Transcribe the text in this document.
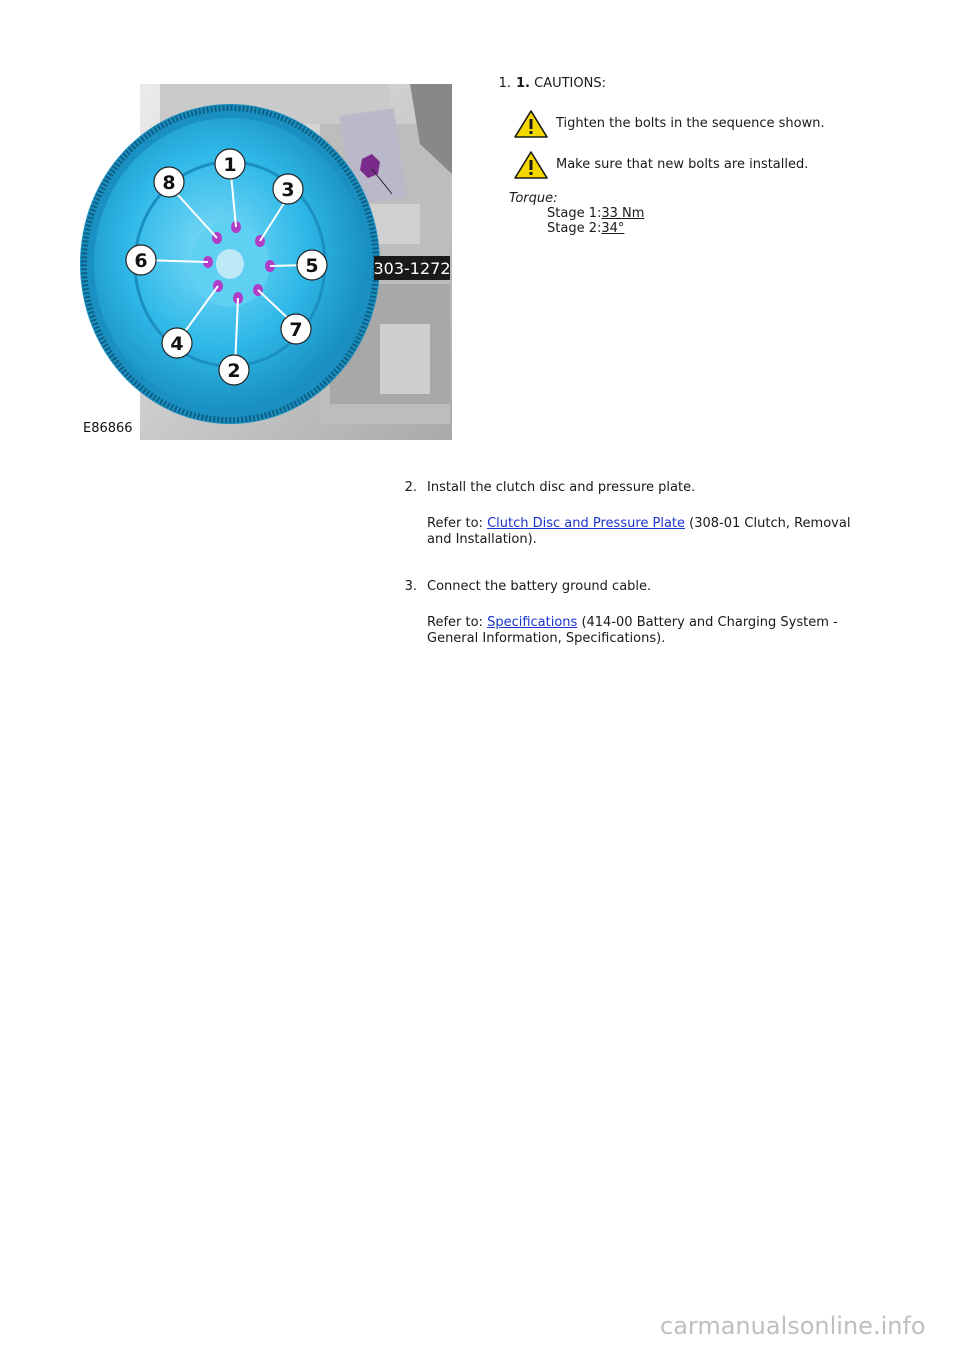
1
3
5
7
2
4
6
8
303-1272
E86866
1. 1. CAUTIONS:
Tighten the bolts in the sequence shown.
Make sure that new bolts are installed.
Torque:
Stage 1:33 Nm
Stage 2:34°
2. Install the clutch disc and pressure plate.
Refer to: Clutch Disc and Pressure Plate (308-01 Clutch, Removal
and Installation).
3. Connect the battery ground cable.
Refer to: Specifications (414-00 Battery and Charging System -
General Information, Specifications).
carmanualsonline.info
